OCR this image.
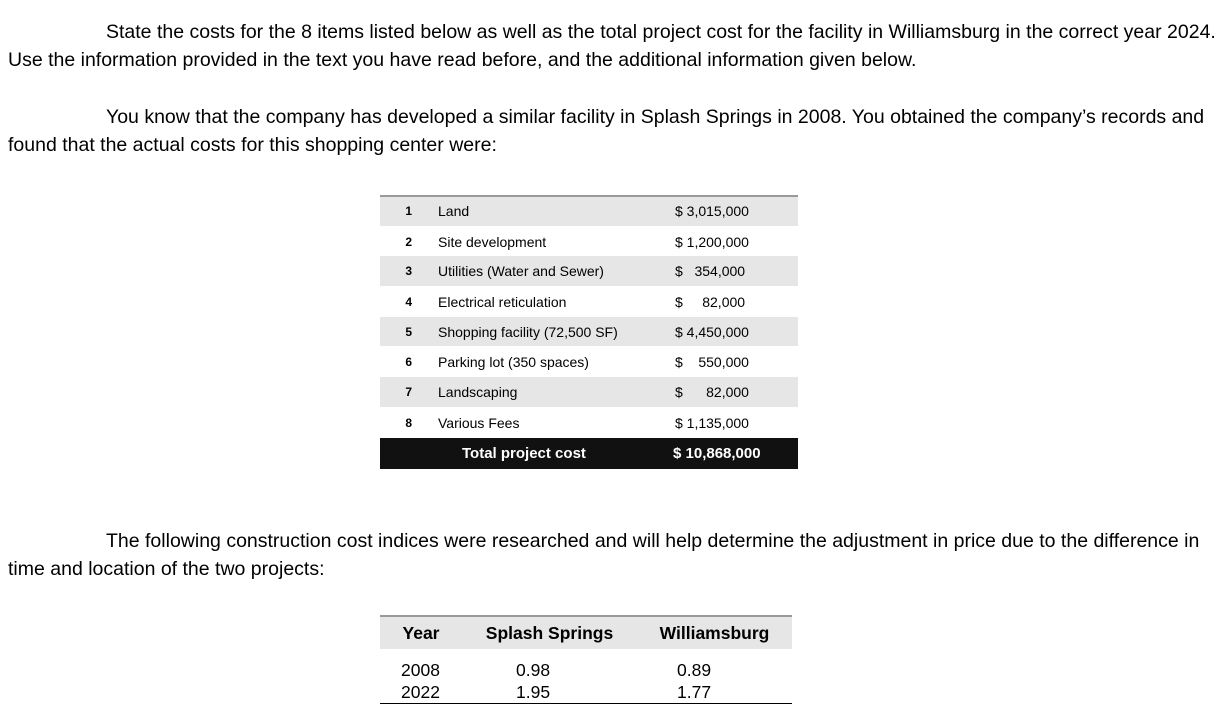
State the costs for the 8 items listed below as well as the total project cost for the facility in Williamsburg in the correct year 2024. Use the information provided in the text you have read before, and the additional information given below.

You know that the company has developed a similar facility in Splash Springs in 2008. You obtained the company’s records and found that the actual costs for this shopping center were:

1	Land	$ 3,015,000
2	Site development	$ 1,200,000
3	Utilities (Water and Sewer)	$   354,000
4	Electrical reticulation	$     82,000
5	Shopping facility (72,500 SF)	$ 4,450,000
6	Parking lot (350 spaces)	$    550,000
7	Landscaping	$      82,000
8	Various Fees	$ 1,135,000
	Total project cost	$ 10,868,000

The following construction cost indices were researched and will help determine the adjustment in price due to the difference in time and location of the two projects:

Year	Splash Springs	Williamsburg
2008	0.98	0.89
2022	1.95	1.77
